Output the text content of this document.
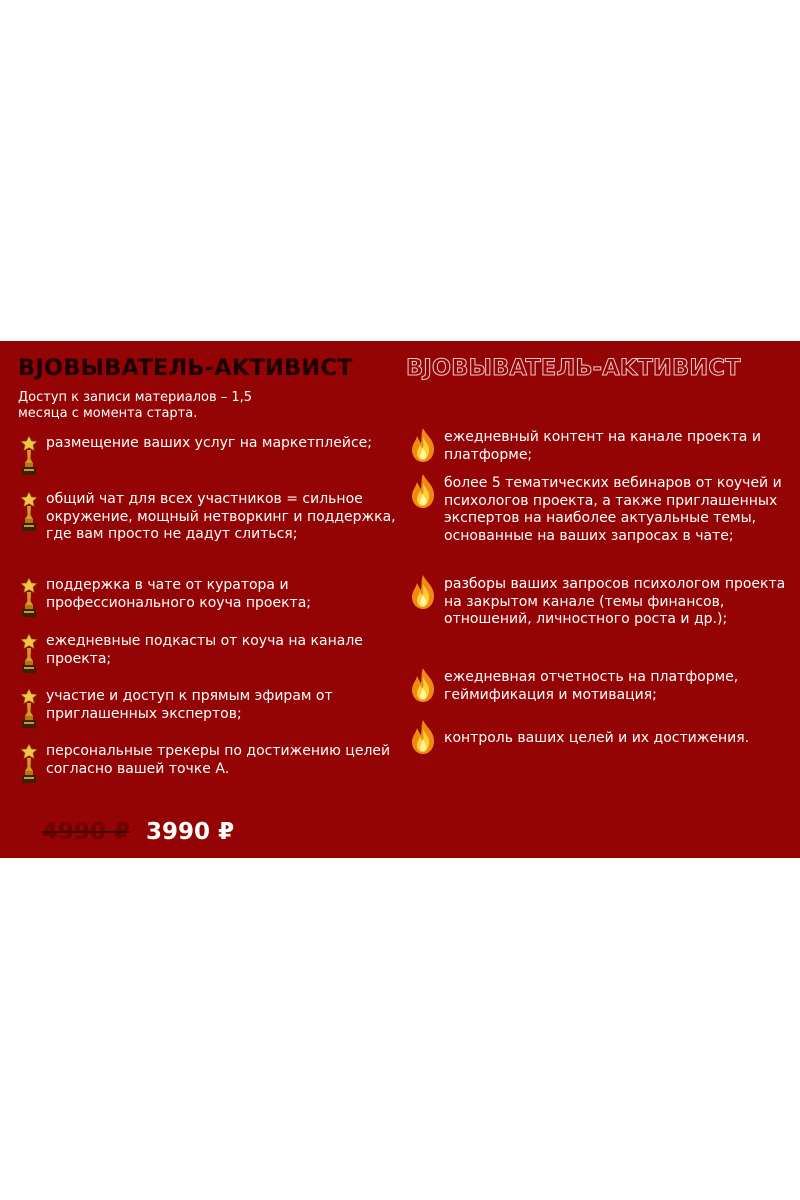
BJOBЫBATEЛЬ-AKTИBИCT BJOBЫBATEЛЬ-AKTИBИCT
Доступ к записи материалов – 1,5 месяца с момента старта.
размещение ваших услуг на маркетплейсе;
общий чат для всех участников = сильное окружение, мощный нетворкинг и поддержка, где вам просто не дадут слиться;
поддержка в чате от куратора и профессионального коуча проекта;
ежедневные подкасты от коуча на канале проекта;
участие и доступ к прямым эфирам от приглашенных экспертов;
персональные трекеры по достижению целей согласно вашей точке А.
ежедневный контент на канале проекта и платформе;
более 5 тематических вебинаров от коучей и психологов проекта, а также приглашенных экспертов на наиболее актуальные темы, основанные на ваших запросах в чате;
разборы ваших запросов психологом проекта на закрытом канале (темы финансов, отношений, личностного роста и др.);
ежедневная отчетность на платформе, геймификация и мотивация;
контроль ваших целей и их достижения.
4990 ₽ 3990 ₽
